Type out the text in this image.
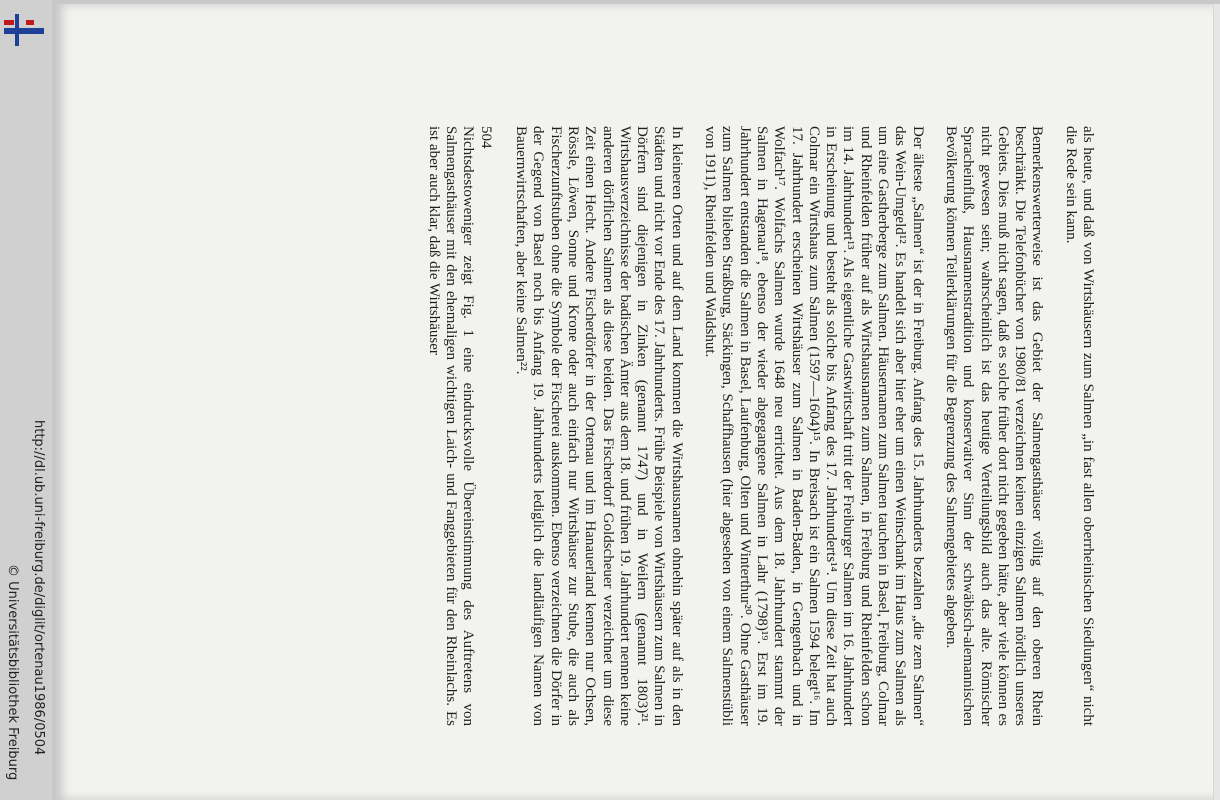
http://dl.ub.uni-freiburg.de/diglit/ortenau1986/0504
© Universitätsbibliothek Freiburg	als heute, und daß von Wirtshäusern zum Salmen „in fast allen oberrheinischen Siedlungen“ nicht die Rede sein kann.

Bemerkenswerterweise ist das Gebiet der Salmengasthäuser völlig auf den oberen Rhein beschränkt. Die Telefonbücher von 1980/81 verzeichnen keinen einzigen Salmen nördlich unseres Gebiets. Dies muß nicht sagen, daß es solche früher dort nicht gegeben hätte, aber viele können es nicht gewesen sein; wahrscheinlich ist das heutige Verteilungsbild auch das alte. Römischer Spracheinfluß, Hausnamenstradition und konservativer Sinn der schwäbisch-alemannischen Bevölkerung können Teilerklärungen für die Begrenzung des Salmengebietes abgeben.

Der älteste „Salmen“ ist der in Freiburg. Anfang des 15. Jahrhunderts bezahlen „die zem Salmen“ das Wein-Umgeld¹². Es handelt sich aber hier eher um einen Weinschank im Haus zum Salmen als um eine Gastherberge zum Salmen. Häusernamen zum Salmen tauchen in Basel, Freiburg, Colmar und Rheinfelden früher auf als Wirtshausnamen zum Salmen, in Freiburg und Rheinfelden schon im 14. Jahrhundert¹³. Als eigentliche Gastwirtschaft tritt der Freiburger Salmen im 16. Jahrhundert in Erscheinung und besteht als solche bis Anfang des 17. Jahrhunderts¹⁴. Um diese Zeit hat auch Colmar ein Wirtshaus zum Salmen (1597—1604)¹⁵. In Breisach ist ein Salmen 1594 belegt¹⁶. Im 17. Jahrhundert erscheinen Wirtshäuser zum Salmen in Baden-Baden, in Gengenbach und in Wolfach¹⁷. Wolfachs Salmen wurde 1648 neu errichtet. Aus dem 18. Jahrhundert stammt der Salmen in Hagenau¹⁸, ebenso der wieder abgegangene Salmen in Lahr (1798)¹⁹. Erst im 19. Jahrhundert entstanden die Salmen in Basel, Laufenburg, Olten und Winterthur²⁰. Ohne Gasthäuser zum Salmen blieben Straßburg, Säckingen, Schaffhausen (hier abgesehen von einem Salmenstübli von 1911), Rheinfelden und Waldshut.

In kleineren Orten und auf dem Land kommen die Wirtshausnamen ohnehin später auf als in den Städten und nicht vor Ende des 17. Jahrhunderts. Frühe Beispiele von Wirtshäusern zum Salmen in Dörfern sind diejenigen in Zinken (genannt 1747) und in Weilern (genannt 1803)²¹. Wirtshausverzeichnisse der badischen Ämter aus dem 18. und frühen 19. Jahrhundert nennen keine anderen dörflichen Salmen als diese beiden. Das Fischerdorf Goldscheuer verzeichnet um diese Zeit einen Hecht. Andere Fischerdörfer in der Ortenau und im Hanauerland kennen nur Ochsen, Rössle, Löwen, Sonne und Krone oder auch einfach nur Wirtshäuser zur Stube, die auch als Fischerzunftstuben ohne die Symbole der Fischerei auskommen. Ebenso verzeichnen die Dörfer in der Gegend von Basel noch bis Anfang 19. Jahrhunderts lediglich die landläufigen Namen von Bauernwirtschaften, aber keine Salmen²².

504

Nichtsdestoweniger zeigt Fig. 1 eine eindrucksvolle Übereinstimmung des Auftretens von Salmengasthäuser mit den ehemaligen wichtigen Laich- und Fanggebieten für den Rheinlachs. Es ist aber auch klar, daß die Wirtshäuser
